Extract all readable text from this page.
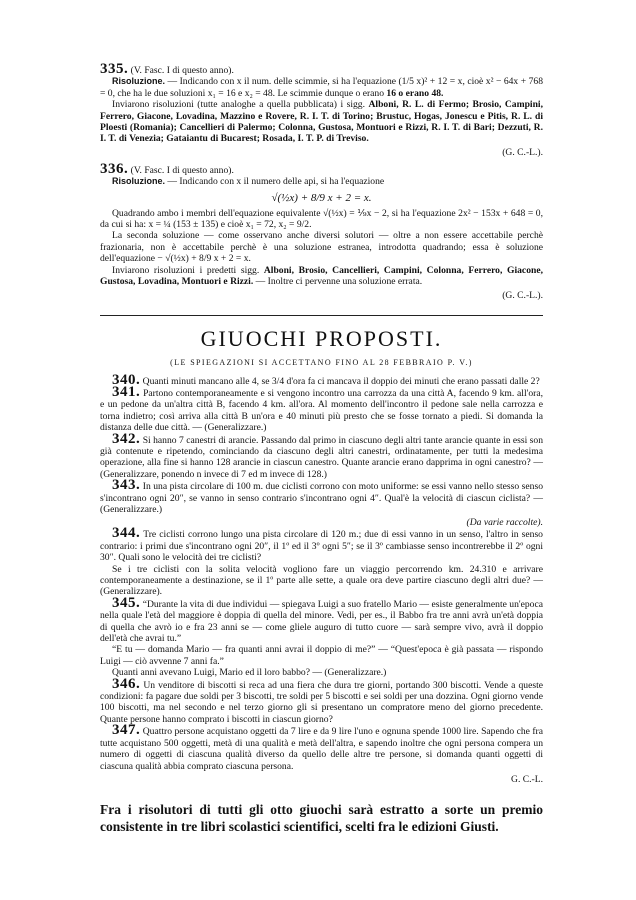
335. (V. Fasc. I di questo anno).

Risoluzione. — Indicando con x il num. delle scimmie, si ha l'equazione (1/5 x)² + 12 = x, cioè x² − 64x + 768 = 0, che ha le due soluzioni x₁ = 16 e x₂ = 48. Le scimmie dunque o erano 16 o erano 48.

Inviarono risoluzioni (tutte analoghe a quella pubblicata) i sigg. Alboni, R. L. di Fermo; Brosio, Campini, Ferrero, Giacone, Lovadina, Mazzino e Rovere, R. I. T. di Torino; Brustuc, Hogas, Jonescu e Pitis, R. L. di Ploesti (Romania); Cancellieri di Palermo; Colonna, Gustosa, Montuori e Rizzi, R. I. T. di Bari; Dezzuti, R. I. T. di Venezia; Gataiantu di Bucarest; Rosada, I. T. P. di Treviso.

(G. C.-L.).

336. (V. Fasc. I di questo anno).

Risoluzione. — Indicando con x il numero delle api, si ha l'equazione

√(½x) + 8/9 x + 2 = x.

Quadrando ambo i membri dell'equazione equivalente √(½x) = ⅑x − 2, si ha l'equazione 2x² − 153x + 648 = 0, da cui si ha: x = ¼ (153 ± 135) e cioè x₁ = 72, x₂ = 9/2.

La seconda soluzione — come osservano anche diversi solutori — oltre a non essere accettabile perchè frazionaria, non è accettabile perchè è una soluzione estranea, introdotta quadrando; essa è soluzione dell'equazione − √(½x) + 8/9 x + 2 = x.

Inviarono risoluzioni i predetti sigg. Alboni, Brosio, Cancellieri, Campini, Colonna, Ferrero, Giacone, Gustosa, Lovadina, Montuori e Rizzi. — Inoltre ci pervenne una soluzione errata.

(G. C.-L.).

GIUOCHI PROPOSTI.

(LE SPIEGAZIONI SI ACCETTANO FINO AL 28 FEBBRAIO P. V.)

340. Quanti minuti mancano alle 4, se 3/4 d'ora fa ci mancava il doppio dei minuti che erano passati dalle 2?

341. Partono contemporaneamente e si vengono incontro una carrozza da una città A, facendo 9 km. all'ora, e un pedone da un'altra città B, facendo 4 km. all'ora. Al momento dell'incontro il pedone sale nella carrozza e torna indietro; così arriva alla città B un'ora e 40 minuti più presto che se fosse tornato a piedi. Si domanda la distanza delle due città. — (Generalizzare.)

342. Si hanno 7 canestri di arancie. Passando dal primo in ciascuno degli altri tante arancie quante in essi son già contenute e ripetendo, cominciando da ciascuno degli altri canestri, ordinatamente, per tutti la medesima operazione, alla fine si hanno 128 arancie in ciascun canestro. Quante arancie erano dapprima in ogni canestro? — (Generalizzare, ponendo n invece di 7 ed m invece di 128.)

343. In una pista circolare di 100 m. due ciclisti corrono con moto uniforme: se essi vanno nello stesso senso s'incontrano ogni 20″, se vanno in senso contrario s'incontrano ogni 4″. Qual'è la velocità di ciascun ciclista? — (Generalizzare.)

(Da varie raccolte).

344. Tre ciclisti corrono lungo una pista circolare di 120 m.; due di essi vanno in un senso, l'altro in senso contrario: i primi due s'incontrano ogni 20″, il 1º ed il 3º ogni 5″; se il 3º cambiasse senso incontrerebbe il 2º ogni 30″. Quali sono le velocità dei tre ciclisti?

Se i tre ciclisti con la solita velocità vogliono fare un viaggio percorrendo km. 24.310 e arrivare contemporaneamente a destinazione, se il 1º parte alle sette, a quale ora deve partire ciascuno degli altri due? — (Generalizzare).

345. “Durante la vita di due individui — spiegava Luigi a suo fratello Mario — esiste generalmente un'epoca nella quale l'età del maggiore è doppia di quella del minore. Vedi, per es., il Babbo fra tre anni avrà un'età doppia di quella che avrò io e fra 23 anni se — come gliele auguro di tutto cuore — sarà sempre vivo, avrà il doppio dell'età che avrai tu.”

“E tu — domanda Mario — fra quanti anni avrai il doppio di me?” — “Quest'epoca è già passata — rispondo Luigi — ciò avvenne 7 anni fa.”

Quanti anni avevano Luigi, Mario ed il loro babbo? — (Generalizzare.)

346. Un venditore di biscotti si reca ad una fiera che dura tre giorni, portando 300 biscotti. Vende a queste condizioni: fa pagare due soldi per 3 biscotti, tre soldi per 5 biscotti e sei soldi per una dozzina. Ogni giorno vende 100 biscotti, ma nel secondo e nel terzo giorno gli si presentano un compratore meno del giorno precedente. Quante persone hanno comprato i biscotti in ciascun giorno?

347. Quattro persone acquistano oggetti da 7 lire e da 9 lire l'uno e ognuna spende 1000 lire. Sapendo che fra tutte acquistano 500 oggetti, metà di una qualità e metà dell'altra, e sapendo inoltre che ogni persona compera un numero di oggetti di ciascuna qualità diverso da quello delle altre tre persone, si domanda quanti oggetti di ciascuna qualità abbia comprato ciascuna persona.

G. C.-L.

Fra i risolutori di tutti gli otto giuochi sarà estratto a sorte un premio consistente in tre libri scolastici scientifici, scelti fra le edizioni Giusti.
